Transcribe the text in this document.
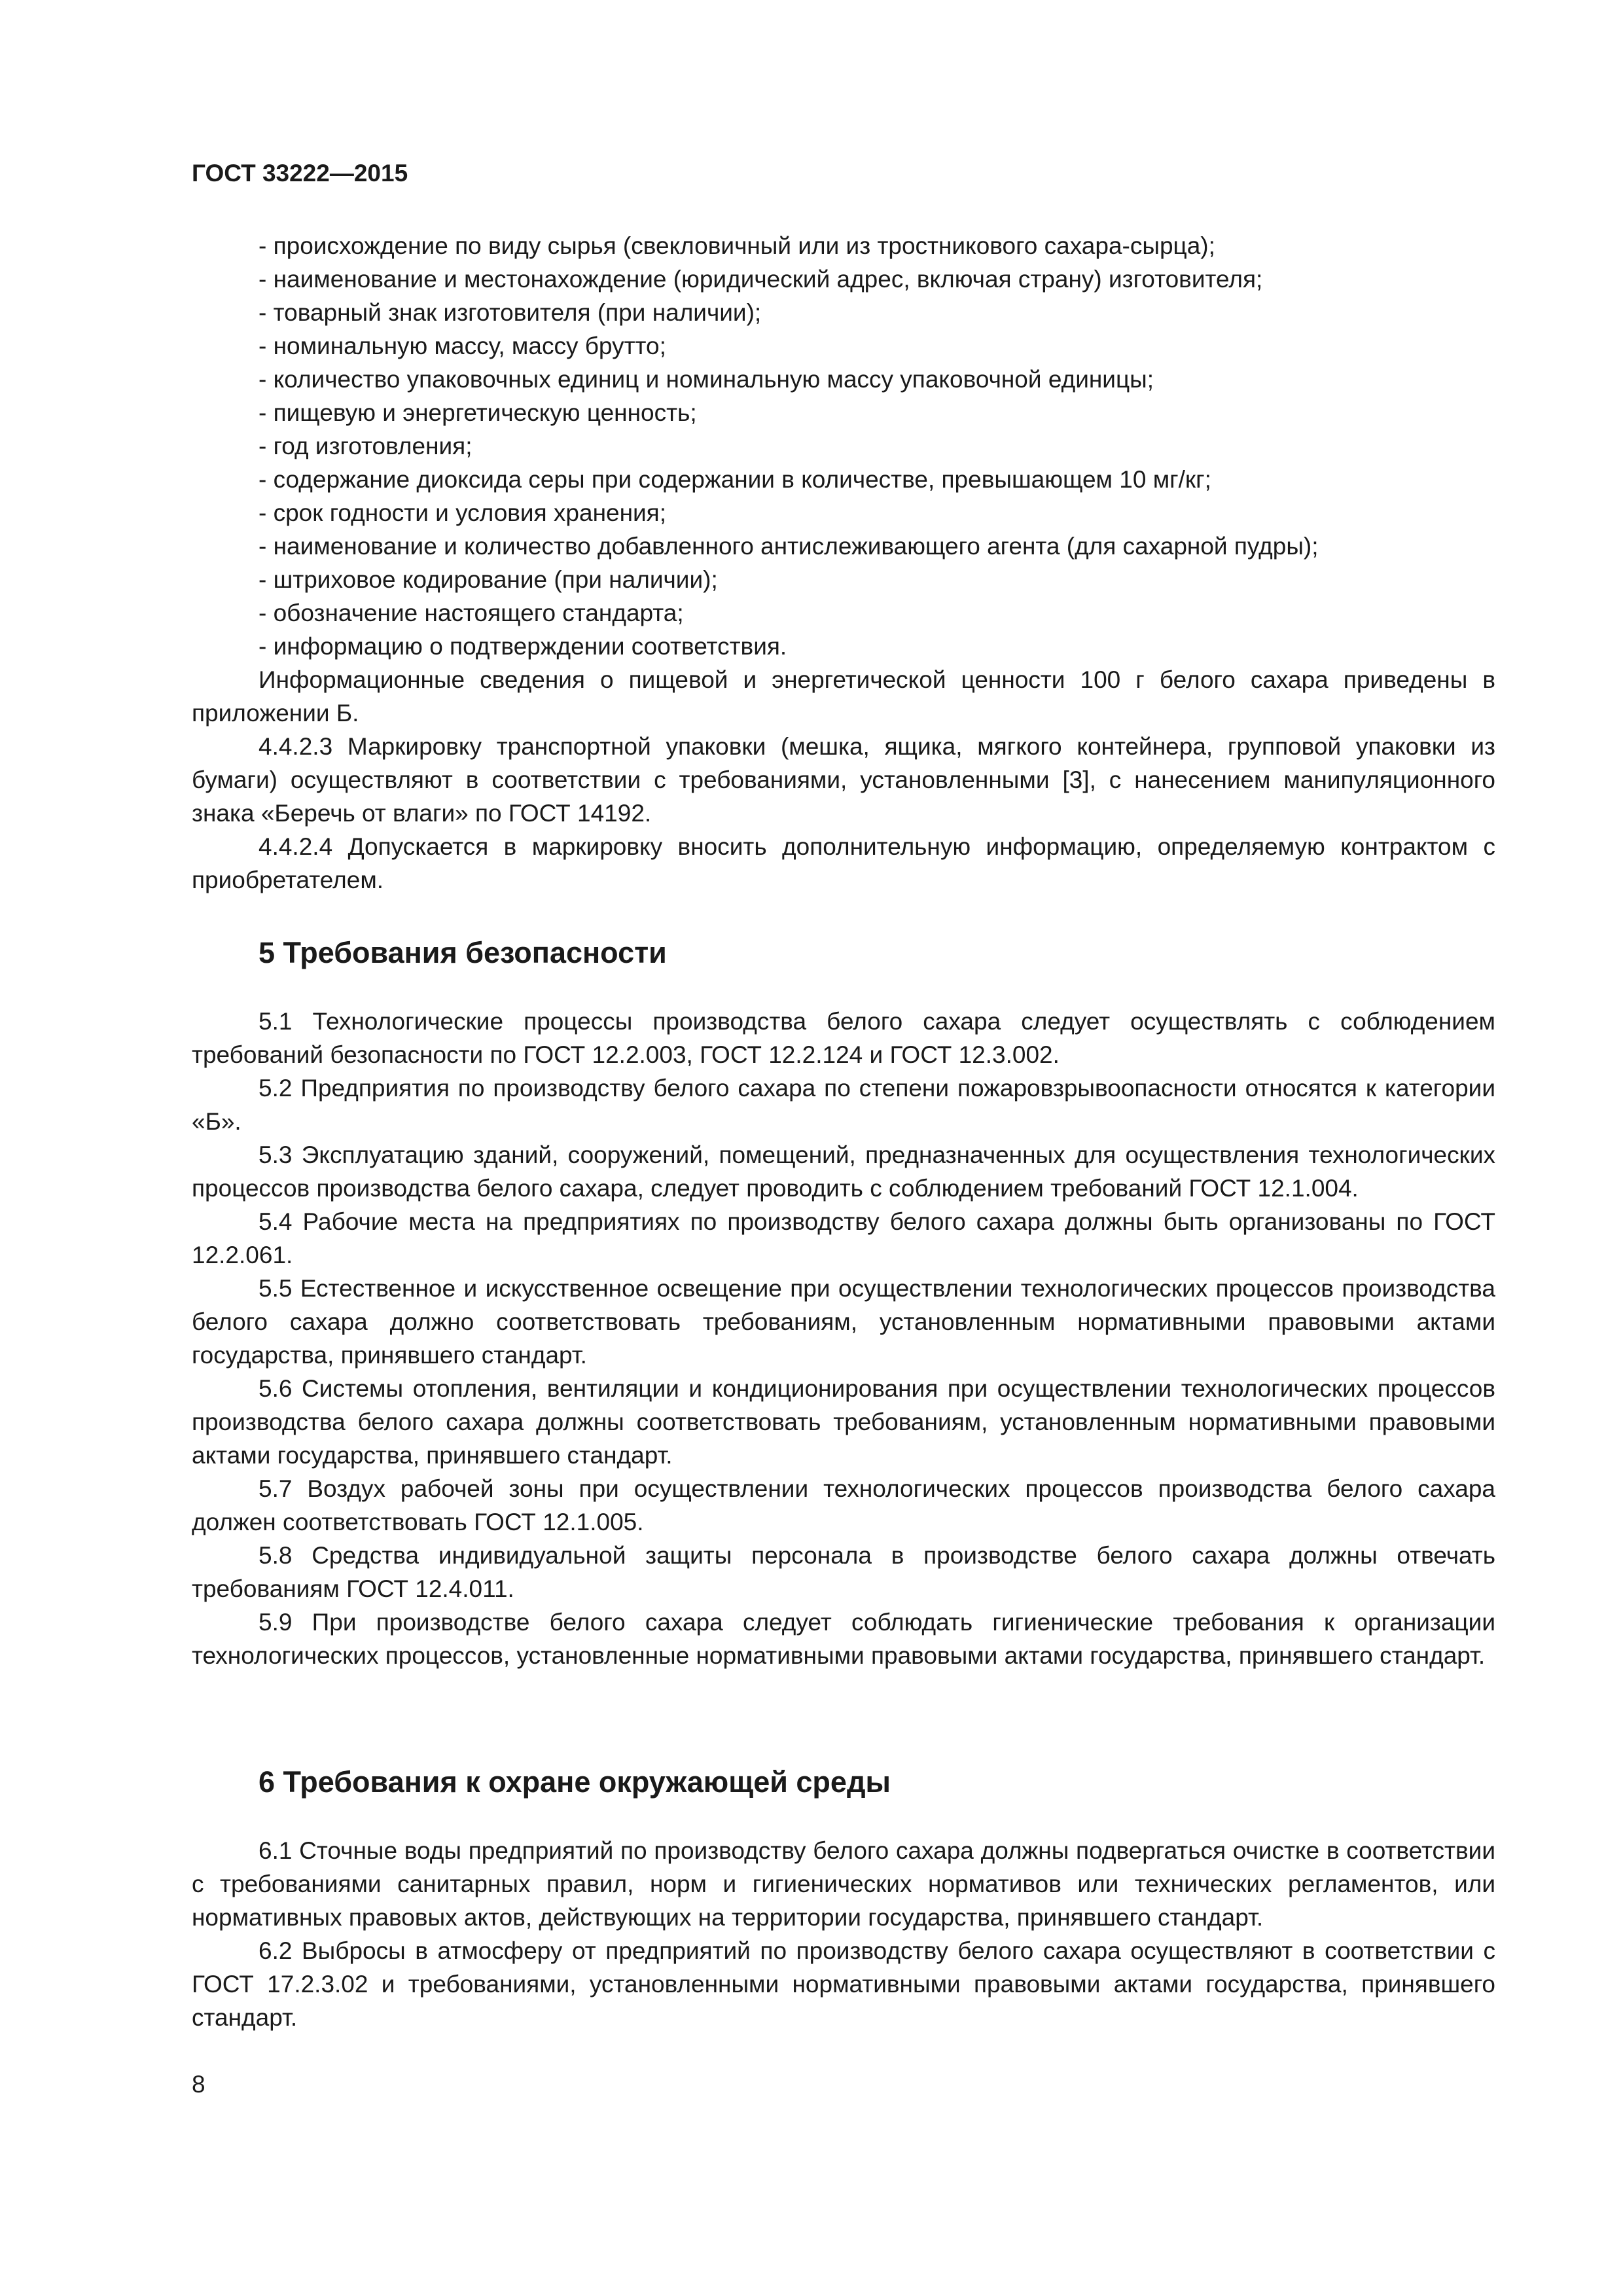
ГОСТ 33222—2015

- происхождение по виду сырья (свекловичный или из тростникового сахара-сырца);

- наименование и местонахождение (юридический адрес, включая страну) изготовителя;

- товарный знак изготовителя (при наличии);

- номинальную массу, массу брутто;

- количество упаковочных единиц и номинальную массу упаковочной единицы;

- пищевую и энергетическую ценность;

- год изготовления;

- содержание диоксида серы при содержании в количестве, превышающем 10 мг/кг;

- срок годности и условия хранения;

- наименование и количество добавленного антислеживающего агента (для сахарной пудры);

- штриховое кодирование (при наличии);

- обозначение настоящего стандарта;

- информацию о подтверждении соответствия.

Информационные сведения о пищевой и энергетической ценности 100 г белого сахара приведены в приложении Б.

4.4.2.3 Маркировку транспортной упаковки (мешка, ящика, мягкого контейнера, групповой упаковки из бумаги) осуществляют в соответствии с требованиями, установленными [3], с нанесением манипуляционного знака «Беречь от влаги» по ГОСТ 14192.

4.4.2.4 Допускается в маркировку вносить дополнительную информацию, определяемую контрактом с приобретателем.

5 Требования безопасности

5.1 Технологические процессы производства белого сахара следует осуществлять с соблюдением требований безопасности по ГОСТ 12.2.003, ГОСТ 12.2.124 и ГОСТ 12.3.002.

5.2 Предприятия по производству белого сахара по степени пожаровзрывоопасности относятся к категории «Б».

5.3 Эксплуатацию зданий, сооружений, помещений, предназначенных для осуществления технологических процессов производства белого сахара, следует проводить с соблюдением требований ГОСТ 12.1.004.

5.4 Рабочие места на предприятиях по производству белого сахара должны быть организованы по ГОСТ 12.2.061.

5.5 Естественное и искусственное освещение при осуществлении технологических процессов производства белого сахара должно соответствовать требованиям, установленным нормативными правовыми актами государства, принявшего стандарт.

5.6 Системы отопления, вентиляции и кондиционирования при осуществлении технологических процессов производства белого сахара должны соответствовать требованиям, установленным нормативными правовыми актами государства, принявшего стандарт.

5.7 Воздух рабочей зоны при осуществлении технологических процессов производства белого сахара должен соответствовать ГОСТ 12.1.005.

5.8 Средства индивидуальной защиты персонала в производстве белого сахара должны отвечать требованиям ГОСТ 12.4.011.

5.9 При производстве белого сахара следует соблюдать гигиенические требования к организации технологических процессов, установленные нормативными правовыми актами государства, принявшего стандарт.

6 Требования к охране окружающей среды

6.1 Сточные воды предприятий по производству белого сахара должны подвергаться очистке в соответствии с требованиями санитарных правил, норм и гигиенических нормативов или технических регламентов, или нормативных правовых актов, действующих на территории государства, принявшего стандарт.

6.2 Выбросы в атмосферу от предприятий по производству белого сахара осуществляют в соответствии с ГОСТ 17.2.3.02 и требованиями, установленными нормативными правовыми актами государства, принявшего стандарт.

8
